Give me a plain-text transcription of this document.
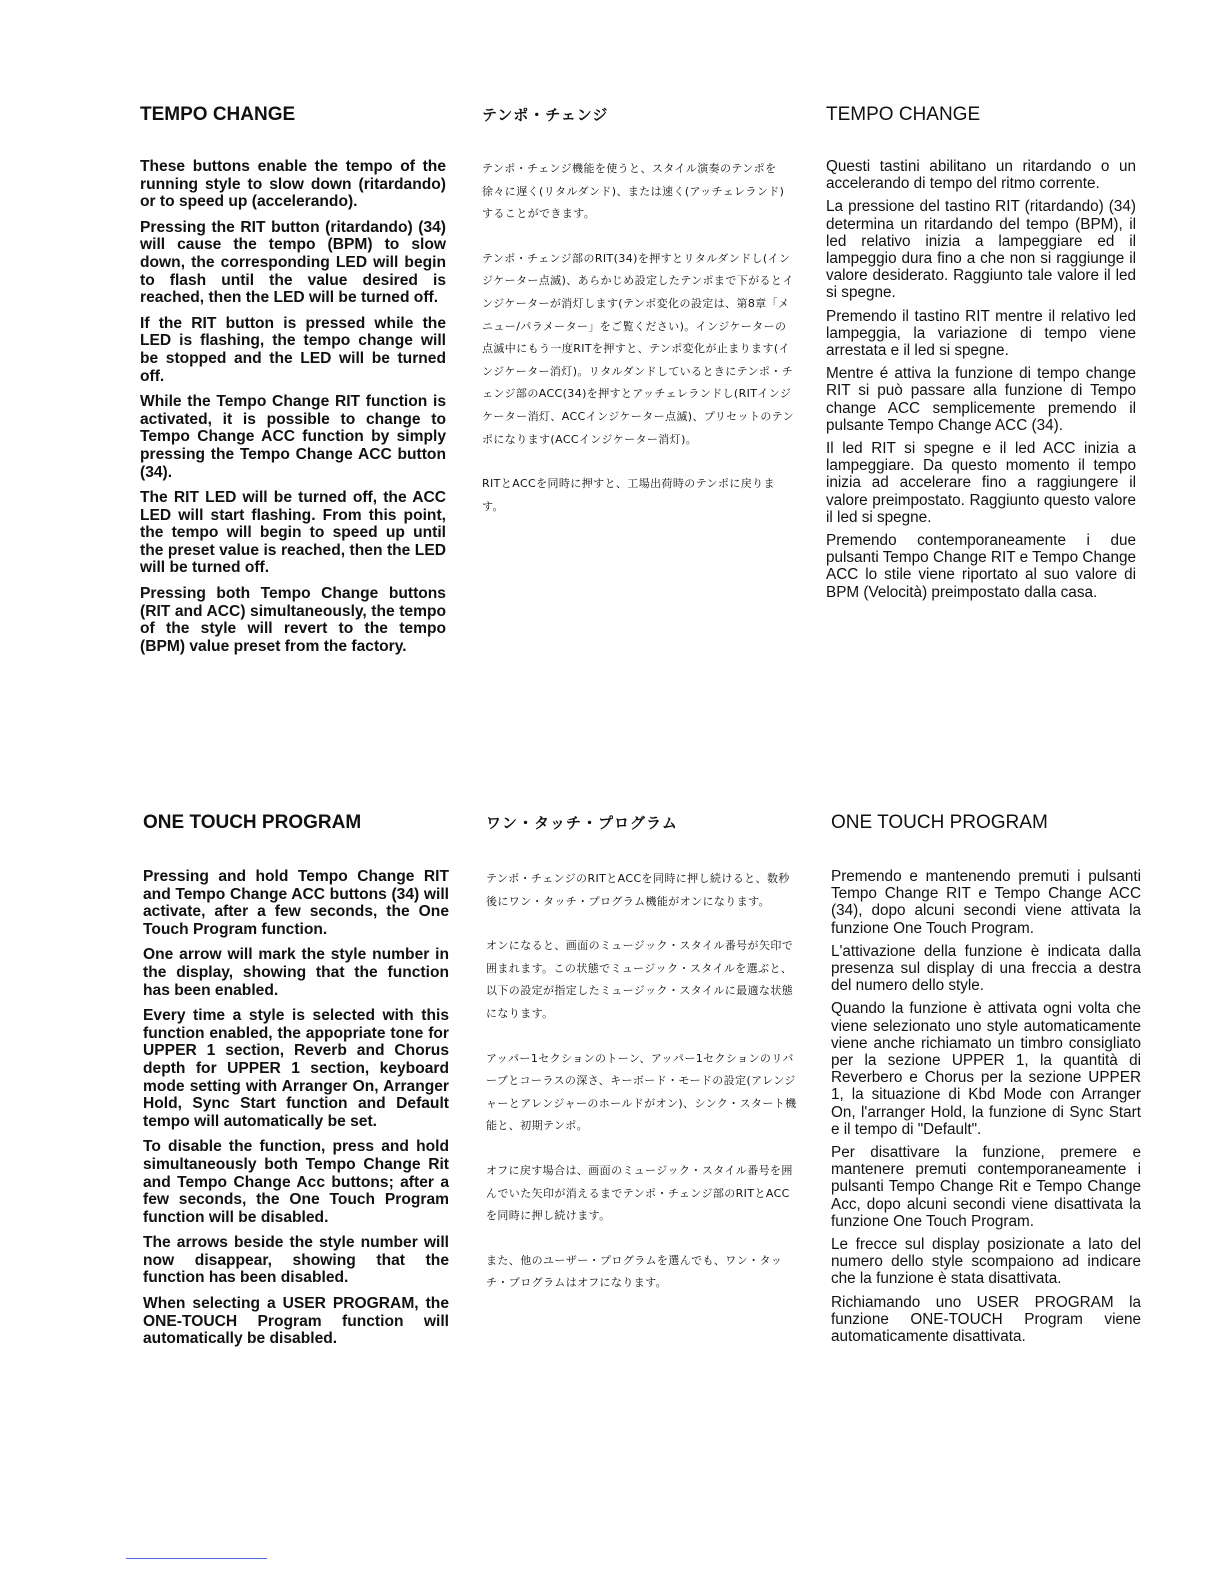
TEMPO CHANGE

These buttons enable the tempo of the running style to slow down (ritardando) or to speed up (accelerando).

Pressing the RIT button (ritardando) (34) will cause the tempo (BPM) to slow down, the corresponding LED will begin to flash until the value desired is reached, then the LED will be turned off.

If the RIT button is pressed while the LED is flashing, the tempo change will be stopped and the LED will be turned off.

While the Tempo Change RIT function is activated, it is possible to change to Tempo Change ACC function by simply pressing the Tempo Change ACC button (34).

The RIT LED will be turned off, the ACC LED will start flashing. From this point, the tempo will begin to speed up until the preset value is reached, then the LED will be turned off.

Pressing both Tempo Change buttons (RIT and ACC) simultaneously, the tempo of the style will revert to the tempo (BPM) value preset from the factory.

テンポ・チェンジ

テンポ・チェンジ機能を使うと、スタイル演奏のテンポを徐々に遅く(リタルダンド)、または速く(アッチェレランド)することができます。

テンポ・チェンジ部のRIT(34)を押すとリタルダンドし(インジケーター点滅)、あらかじめ設定したテンポまで下がるとインジケーターが消灯します(テンポ変化の設定は、第8章「メニュー/パラメーター」をご覧ください)。インジケーターの点滅中にもう一度RITを押すと、テンポ変化が止まります(インジケーター消灯)。リタルダンドしているときにテンポ・チェンジ部のACC(34)を押すとアッチェレランドし(RITインジケーター消灯、ACCインジケーター点滅)、プリセットのテンポになります(ACCインジケーター消灯)。

RITとACCを同時に押すと、工場出荷時のテンポに戻ります。

TEMPO CHANGE

Questi tastini abilitano un ritardando o un accelerando di tempo del ritmo corrente.

La pressione del tastino RIT (ritardando) (34) determina un ritardando del tempo (BPM), il led relativo inizia a lampeggiare ed il lampeggio dura fino a che non si raggiunge il valore desiderato. Raggiunto tale valore il led si spegne.

Premendo il tastino RIT mentre il relativo led lampeggia, la variazione di tempo viene arrestata e il led si spegne.

Mentre é attiva la funzione di tempo change RIT si può passare alla funzione di Tempo change ACC semplicemente premendo il pulsante Tempo Change ACC (34).

Il led RIT si spegne e il led ACC inizia a lampeggiare. Da questo momento il tempo inizia ad accelerare fino a raggiungere il valore preimpostato. Raggiunto questo valore il led si spegne.

Premendo contemporaneamente i due pulsanti Tempo Change RIT e Tempo Change ACC lo stile viene riportato al suo valore di BPM (Velocità) preimpostato dalla casa.

ONE TOUCH PROGRAM

Pressing and hold Tempo Change RIT and Tempo Change ACC buttons (34) will activate, after a few seconds, the One Touch Program function.

One arrow will mark the style number in the display, showing that the function has been enabled.

Every time a style is selected with this function enabled, the appopriate tone for UPPER 1 section, Reverb and Chorus depth for UPPER 1 section, keyboard mode setting with Arranger On, Arranger Hold, Sync Start function and Default tempo will automatically be set.

To disable the function, press and hold simultaneously both Tempo Change Rit and Tempo Change Acc buttons; after a few seconds, the One Touch Program function will be disabled.

The arrows beside the style number will now disappear, showing that the function has been disabled.

When selecting a USER PROGRAM, the ONE-TOUCH Program function will automatically be disabled.

ワン・タッチ・プログラム

テンポ・チェンジのRITとACCを同時に押し続けると、数秒後にワン・タッチ・プログラム機能がオンになります。

オンになると、画面のミュージック・スタイル番号が矢印で囲まれます。この状態でミュージック・スタイルを選ぶと、以下の設定が指定したミュージック・スタイルに最適な状態になります。

アッパー1セクションのトーン、アッパー1セクションのリバーブとコーラスの深さ、キーボード・モードの設定(アレンジャーとアレンジャーのホールドがオン)、シンク・スタート機能と、初期テンポ。

オフに戻す場合は、画面のミュージック・スタイル番号を囲んでいた矢印が消えるまでテンポ・チェンジ部のRITとACCを同時に押し続けます。

また、他のユーザー・プログラムを選んでも、ワン・タッチ・プログラムはオフになります。

ONE TOUCH PROGRAM

Premendo e mantenendo premuti i pulsanti Tempo Change RIT e Tempo Change ACC (34), dopo alcuni secondi viene attivata la funzione One Touch Program.

L'attivazione della funzione è indicata dalla presenza sul display di una freccia a destra del numero dello style.

Quando la funzione è attivata ogni volta che viene selezionato uno style automaticamente viene anche richiamato un timbro consigliato per la sezione UPPER 1, la quantità di Reverbero e Chorus per la sezione UPPER 1, la situazione di Kbd Mode con Arranger On, l'arranger Hold, la funzione di Sync Start e il tempo di "Default".

Per disattivare la funzione, premere e mantenere premuti contemporaneamente i pulsanti Tempo Change Rit e Tempo Change Acc, dopo alcuni secondi viene disattivata la funzione One Touch Program.

Le frecce sul display posizionate a lato del numero dello style scompaiono ad indicare che la funzione è stata disattivata.

Richiamando uno USER PROGRAM la funzione ONE-TOUCH Program viene automaticamente disattivata.
